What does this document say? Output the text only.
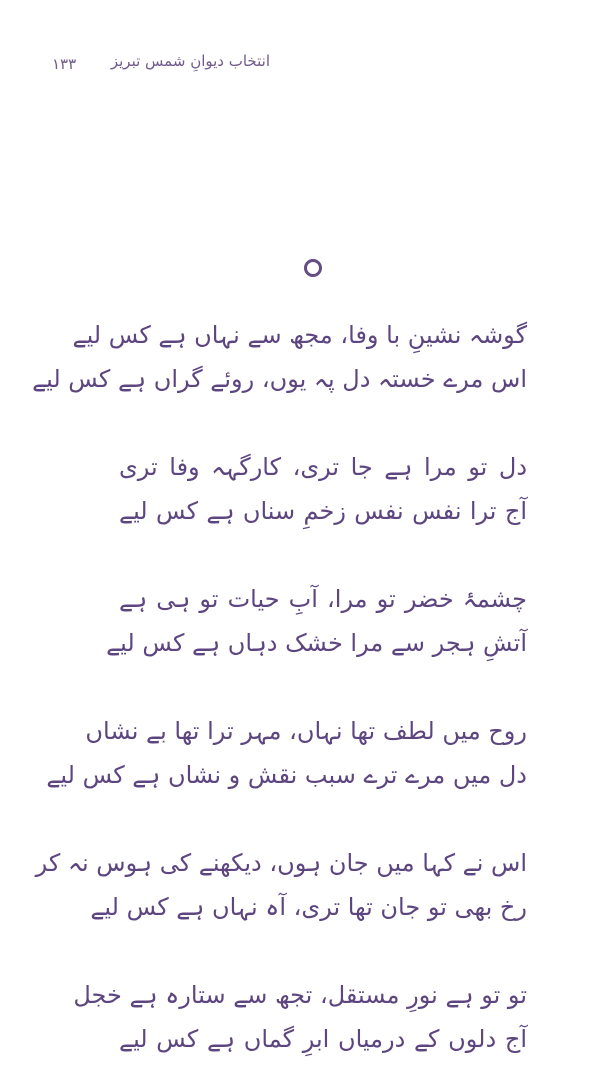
۱۳۳	انتخاب دیوانِ شمس تبریز
گوشہ نشینِ با وفا، مجھ سے نہاں ہے کس لیے
اس مرے خستہ دل پہ یوں، روئے گراں ہے کس لیے
دل تو مرا ہے جا تری، کارگہہ وفا تری
آج ترا نفس نفس زخمِ سناں ہے کس لیے
چشمۂ خضر تو مرا، آبِ حیات تو ہی ہے
آتشِ ہجر سے مرا خشک دہاں ہے کس لیے
روح میں لطف تھا نہاں، مہر ترا تھا بے نشاں
دل میں مرے ترے سبب نقش و نشاں ہے کس لیے
اس نے کہا میں جان ہوں، دیکھنے کی ہوس نہ کر
رخ بھی تو جان تھا تری، آہ نہاں ہے کس لیے
تو تو ہے نورِ مستقل، تجھ سے ستارہ ہے خجل
آج دلوں کے درمیاں ابرِ گماں ہے کس لیے
